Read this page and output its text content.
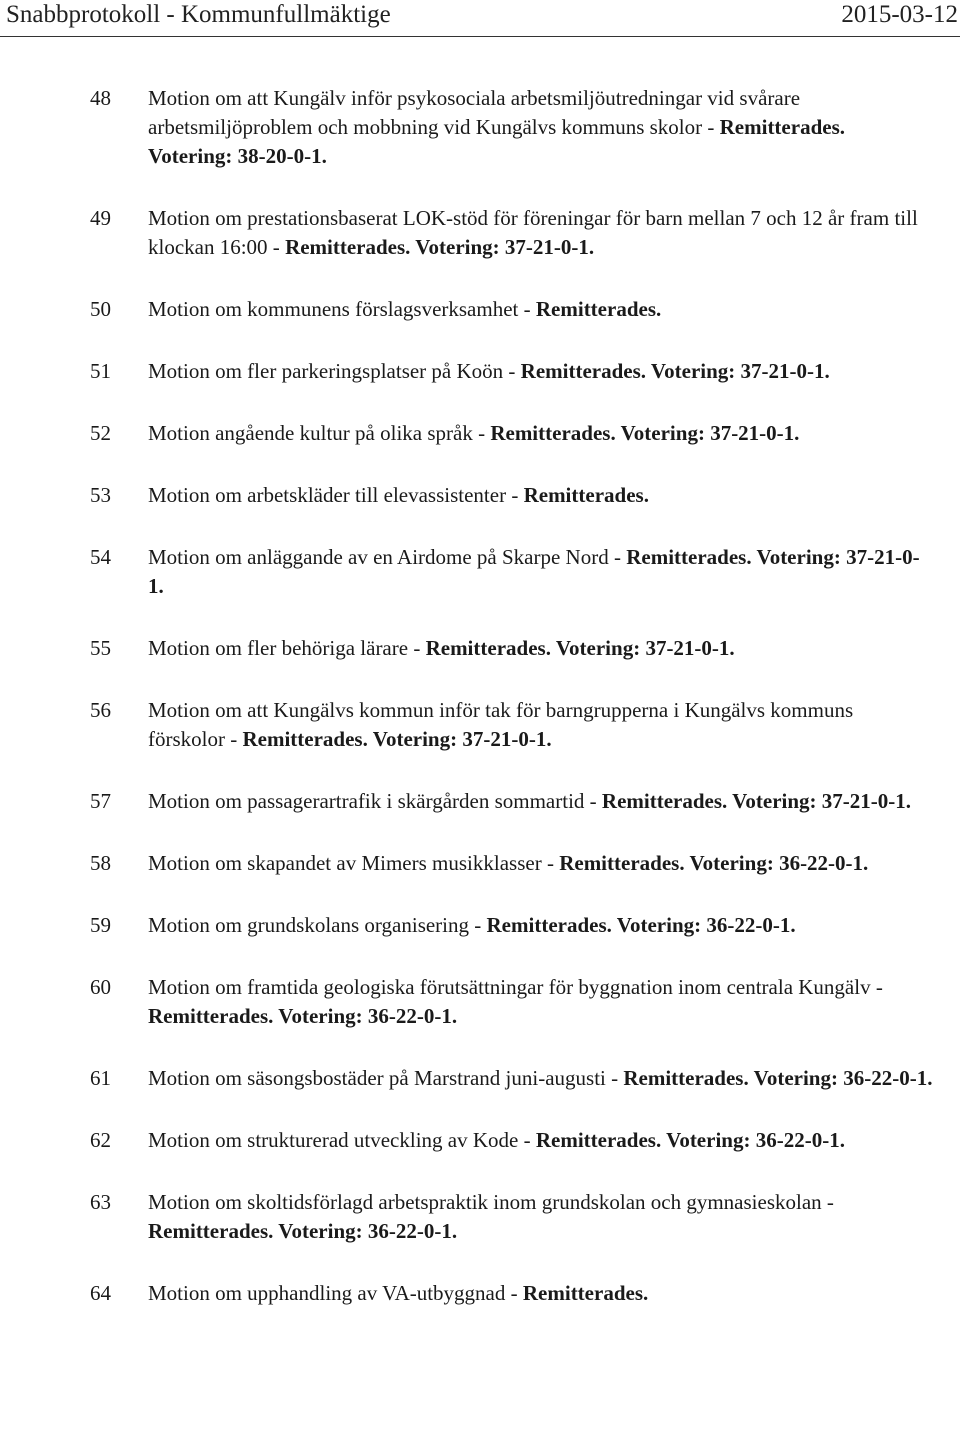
Snabbprotokoll - Kommunfullmäktige	2015-03-12
48 Motion om att Kungälv inför psykosociala arbetsmiljöutredningar vid svårare arbetsmiljöproblem och mobbning vid Kungälvs kommuns skolor - Remitterades. Votering: 38-20-0-1.
49 Motion om prestationsbaserat LOK-stöd för föreningar för barn mellan 7 och 12 år fram till klockan 16:00 - Remitterades. Votering: 37-21-0-1.
50 Motion om kommunens förslagsverksamhet - Remitterades.
51 Motion om fler parkeringsplatser på Koön - Remitterades. Votering: 37-21-0-1.
52 Motion angående kultur på olika språk - Remitterades. Votering: 37-21-0-1.
53 Motion om arbetskläder till elevassistenter - Remitterades.
54 Motion om anläggande av en Airdome på Skarpe Nord - Remitterades. Votering: 37-21-0-1.
55 Motion om fler behöriga lärare - Remitterades. Votering: 37-21-0-1.
56 Motion om att Kungälvs kommun inför tak för barngrupperna i Kungälvs kommuns förskolor - Remitterades. Votering: 37-21-0-1.
57 Motion om passagerartrafik i skärgården sommartid - Remitterades. Votering: 37-21-0-1.
58 Motion om skapandet av Mimers musikklasser - Remitterades. Votering: 36-22-0-1.
59 Motion om grundskolans organisering - Remitterades. Votering: 36-22-0-1.
60 Motion om framtida geologiska förutsättningar för byggnation inom centrala Kungälv - Remitterades. Votering: 36-22-0-1.
61 Motion om säsongsbostäder på Marstrand juni-augusti - Remitterades. Votering: 36-22-0-1.
62 Motion om strukturerad utveckling av Kode - Remitterades. Votering: 36-22-0-1.
63 Motion om skoltidsförlagd arbetspraktik inom grundskolan och gymnasieskolan - Remitterades. Votering: 36-22-0-1.
64 Motion om upphandling av VA-utbyggnad - Remitterades.
